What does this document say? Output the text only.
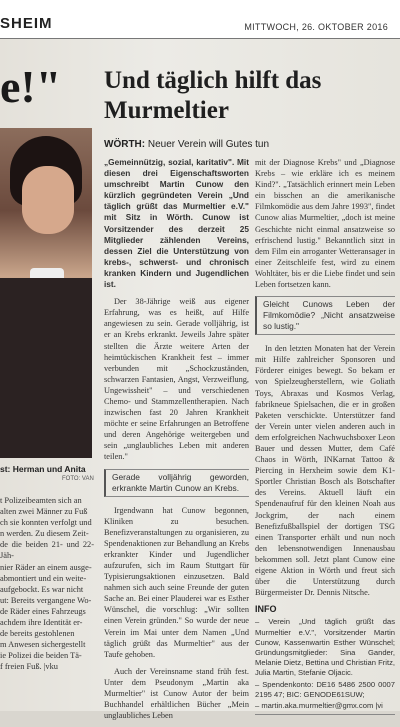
SHEIM	MITTWOCH, 26. OKTOBER 2016
e!"
st: Herman und Anita
FOTO: VAN

t Polizeibeamten sich an
alten zwei Männer zu Fuß
ch sie konnten verfolgt und
n werden. Zu diesem Zeit-
de die beiden 21- und 22-Jäh-
nier Räder an einem ausge-
abmontiert und ein weite-
aufgebockt. Es war nicht
ut: Bereits vergangene Wo-
de Räder eines Fahrzeugs
achdem ihre Identität er-
de bereits gestohlenen
m Anwesen sichergestellt
ie Polizei die beiden Tä-
f freien Fuß. |vku

Und täglich hilft das Murmeltier
WÖRTH: Neuer Verein will Gutes tun

„Gemeinnützig, sozial, karitativ". Mit diesen drei Eigenschaftsworten umschreibt Martin Cunow den kürzlich gegründeten Verein „Und täglich grüßt das Murmeltier e.V." mit Sitz in Wörth. Cunow ist Vorsitzender des derzeit 25 Mitglieder zählenden Vereins, dessen Ziel die Unterstützung von krebs-, schwerst- und chronisch kranken Kindern und Jugendlichen ist.

Der 38-Jährige weiß aus eigener Erfahrung, was es heißt, auf Hilfe angewiesen zu sein. Gerade volljährig, ist er an Krebs erkrankt. Jeweils Jahre später stellten die Ärzte weitere Arten der heimtückischen Krankheit fest – immer verbunden mit „Schockzuständen, schwarzen Fantasien, Angst, Verzweiflung, Ungewissheit" – und verschiedenen Chemo- und Stammzellentherapien. Nach inzwischen fast 20 Jahren Krankheit möchte er seine Erfahrungen an Betroffene und deren Angehörige weitergeben und sein „unglaubliches Leben mit anderen teilen."

Gerade volljährig geworden, erkrankte Martin Cunow an Krebs.

Irgendwann hat Cunow begonnen, Kliniken zu besuchen. Benefizveranstaltungen zu organisieren, zu Spendenaktionen zur Behandlung an Krebs erkrankter Kinder und Jugendlicher aufzurufen, sich im Raum Stuttgart für Typisierungsaktionen einzusetzen. Bald nahmen sich auch seine Freunde der guten Sache an. Bei einer Plauderei war es Esther Wünschel, die vorschlug: „Wir sollten einen Verein gründen." So wurde der neue Verein im Mai unter dem Namen „Und täglich grüßt das Murmeltier" aus der Taufe gehoben.

Auch der Vereinsname stand früh fest. Unter dem Pseudonym „Martin aka Murmeltier" ist Cunow Autor der beim Buchhandel erhältlichen Bücher „Mein unglaubliches Leben

mit der Diagnose Krebs" und „Diagnose Krebs – wie erkläre ich es meinem Kind?". „Tatsächlich erinnert mein Leben ein bisschen an die amerikanische Filmkomödie aus dem Jahre 1993", findet Cunow alias Murmeltier, „doch ist meine Geschichte nicht einmal ansatzweise so erfrischend lustig." Bekanntlich sitzt in dem Film ein arroganter Wetteransager in einer Zeitschleife fest, wird zu einem Wohltäter, bis er die Liebe findet und sein Leben fortsetzen kann.

Gleicht Cunows Leben der Filmkomödie? „Nicht ansatzweise so lustig."

In den letzten Monaten hat der Verein mit Hilfe zahlreicher Sponsoren und Förderer einiges bewegt. So bekam er von Spielzeugherstellern, wie Goliath Toys, Abraxas und Kosmos Verlag, fabrikneue Spielsachen, die er in großen Paketen verschickte. Unterstützer fand der Verein unter vielen anderen auch in dem erfolgreichen Nachwuchsboxer Leon Bauer und dessen Mutter, dem Café Chaos in Wörth, INKarnat Tattoo & Piercing in Herxheim sowie dem K1-Sportler Christian Bosch als Botschafter des Vereins. Aktuell läuft ein Spendenaufruf für den kleinen Noah aus Jockgrim, der nach einem Benefizfußballspiel der dortigen TSG einen Transporter erhält und nun noch den lebensnotwendigen Innenausbau bekommen soll. Jetzt plant Cunow eine eigene Aktion in Wörth und freut sich über die Unterstützung durch Bürgermeister Dr. Dennis Nitsche.

INFO

– Verein „Und täglich grüßt das Murmeltier e.V.", Vorsitzender Martin Cunow, Kassenwartin Esther Wünschel; Gründungsmitglieder: Sina Gander, Melanie Dietz, Bettina und Christian Fritz, Julia Martin, Stefanie Oljacic.

– Spendenkonto: DE16 5486 2500 0007 2195 47; BIC: GENODE61SUW;

– martin.aka.murmeltier@gmx.com |vi
